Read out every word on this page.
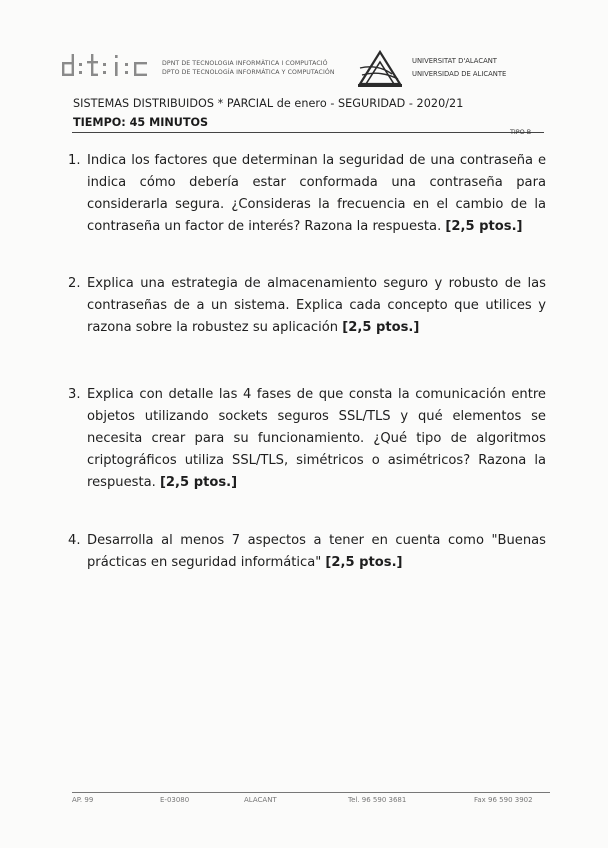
DPNT DE TECNOLOGIA INFORMÀTICA I COMPUTACIÓ
DPTO DE TECNOLOGÍA INFORMÁTICA Y COMPUTACIÓN
UNIVERSITAT D'ALACANT
UNIVERSIDAD DE ALICANTE
SISTEMAS DISTRIBUIDOS * PARCIAL de enero - SEGURIDAD - 2020/21
TIEMPO: 45 MINUTOS
TIPO B
1. Indica los factores que determinan la seguridad de una contraseña e indica cómo debería estar conformada una contraseña para considerarla segura. ¿Consideras la frecuencia en el cambio de la contraseña un factor de interés? Razona la respuesta. [2,5 ptos.]
2. Explica una estrategia de almacenamiento seguro y robusto de las contraseñas de a un sistema. Explica cada concepto que utilices y razona sobre la robustez su aplicación [2,5 ptos.]
3. Explica con detalle las 4 fases de que consta la comunicación entre objetos utilizando sockets seguros SSL/TLS y qué elementos se necesita crear para su funcionamiento. ¿Qué tipo de algoritmos criptográficos utiliza SSL/TLS, simétricos o asimétricos? Razona la respuesta. [2,5 ptos.]
4. Desarrolla al menos 7 aspectos a tener en cuenta como "Buenas prácticas en seguridad informática" [2,5 ptos.]
AP. 99	E-03080	ALACANT	Tel. 96 590 3681	Fax 96 590 3902
